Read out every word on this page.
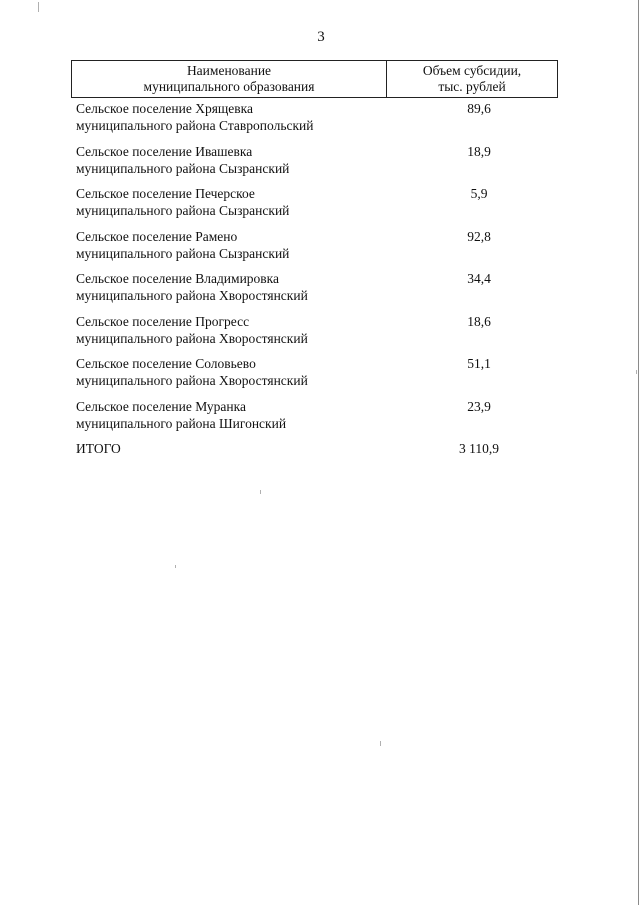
3
Наименование
муниципального образования
Объем субсидии,
тыс. рублей
Сельское поселение Хрящевка
муниципального района Ставропольский
89,6
Сельское поселение Ивашевка
муниципального района Сызранский
18,9
Сельское поселение Печерское
муниципального района Сызранский
5,9
Сельское поселение Рамено
муниципального района Сызранский
92,8
Сельское поселение Владимировка
муниципального района Хворостянский
34,4
Сельское поселение Прогресс
муниципального района Хворостянский
18,6
Сельское поселение Соловьево
муниципального района Хворостянский
51,1
Сельское поселение Муранка
муниципального района Шигонский
23,9
ИТОГО	3 110,9
